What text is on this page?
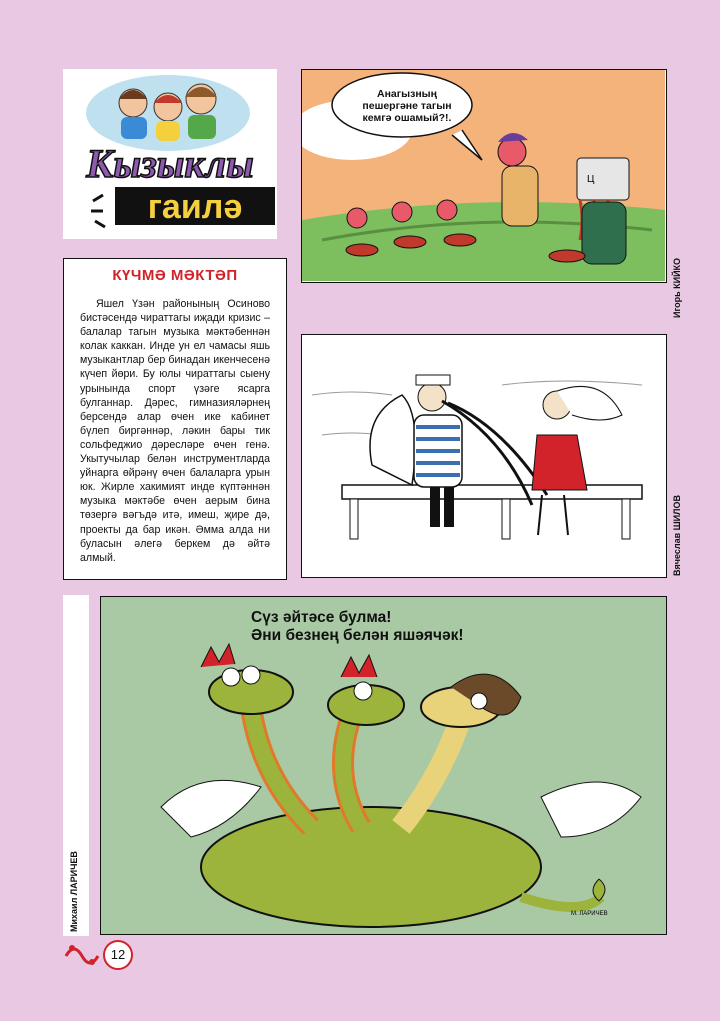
Кызыклы
гаилә
Ц
Анагызның
пешергәне тагын
кемгә ошамый?!.
Игорь КИЙКО
КҮЧМӘ МӘКТӘП
Яшел Үзән районының Осиново бистәсендә чираттагы иҗади кризис – балалар тагын музыка мәктәбеннән колак каккан. Инде ун ел чамасы яшь музыкантлар бер бинадан икенчесенә күчеп йөри. Бу юлы чираттагы сыену урынында спорт үзәге ясарга булганнар. Дәрес, гимназияләрнең берсендә алар өчен ике кабинет бүлеп биргәннәр, ләкин бары тик сольфеджио дәресләре өчен генә. Укытучылар белән инструментларда уйнарга өйрәнү өчен балаларга урын юк. Жирле хакимият инде күптәннән музыка мәктәбе өчен аерым бина төзергә вәгъдә итә, имеш, җире дә, проекты да бар икән. Әмма алда ни буласын әлегә беркем дә әйтә алмый.	Вячеслав ШИЛОВ
Михаил ЛАРИЧЕВ	М. ЛАРИЧЕВ
Сүз әйтәсе булма!
Әни безнең белән яшәячәк!
12
